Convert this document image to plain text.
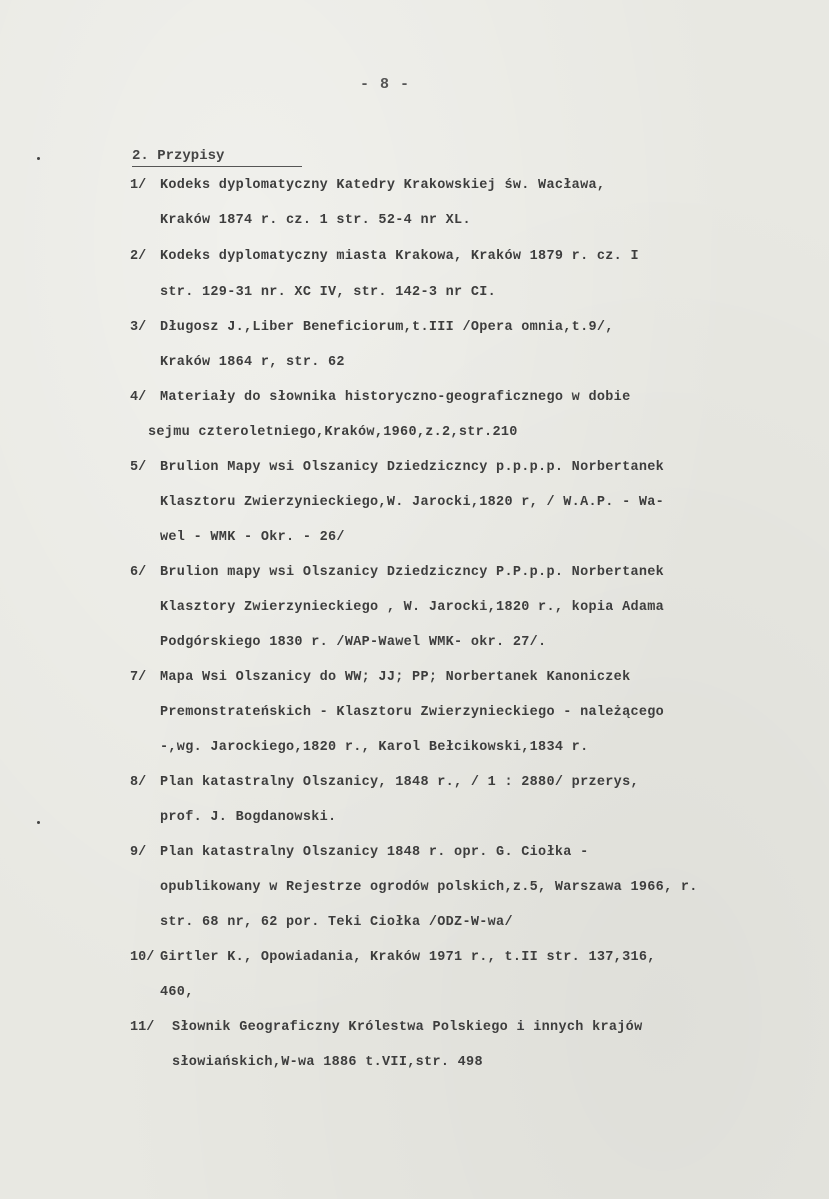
- 8 -
2. Przypisy
1/ Kodeks dyplomatyczny Katedry Krakowskiej św. Wacława,
Kraków 1874 r. cz. 1 str. 52-4 nr XL.
2/ Kodeks dyplomatyczny miasta Krakowa, Kraków 1879 r. cz. I
str. 129-31 nr. XC IV, str. 142-3 nr CI.
3/ Długosz J.,Liber Beneficiorum,t.III /Opera omnia,t.9/,
Kraków 1864 r, str. 62
4/ Materiały do słownika historyczno-geograficznego w dobie
sejmu czteroletniego,Kraków,1960,z.2,str.210
5/ Brulion Mapy wsi Olszanicy Dziedziczncy p.p.p.p. Norbertanek
Klasztoru Zwierzynieckiego,W. Jarocki,1820 r, / W.A.P. - Wa-
wel - WMK - Okr. - 26/
6/ Brulion mapy wsi Olszanicy Dziedziczncy P.P.p.p. Norbertanek
Klasztory Zwierzynieckiego , W. Jarocki,1820 r., kopia Adama
Podgórskiego 1830 r. /WAP-Wawel WMK- okr. 27/.
7/ Mapa Wsi Olszanicy do WW; JJ; PP; Norbertanek Kanoniczek
Premonstrateńskich - Klasztoru Zwierzynieckiego - należącego
-,wg. Jarockiego,1820 r., Karol Bełcikowski,1834 r.
8/ Plan katastralny Olszanicy, 1848 r., / 1 : 2880/ przerys,
prof. J. Bogdanowski.
9/ Plan katastralny Olszanicy 1848 r. opr. G. Ciołka -
opublikowany w Rejestrze ogrodów polskich,z.5, Warszawa 1966, r.
str. 68 nr, 62 por. Teki Ciołka /ODZ-W-wa/
10/ Girtler K., Opowiadania, Kraków 1971 r., t.II str. 137,316,
460,
11/ Słownik Geograficzny Królestwa Polskiego i innych krajów
słowiańskich,W-wa 1886 t.VII,str. 498
